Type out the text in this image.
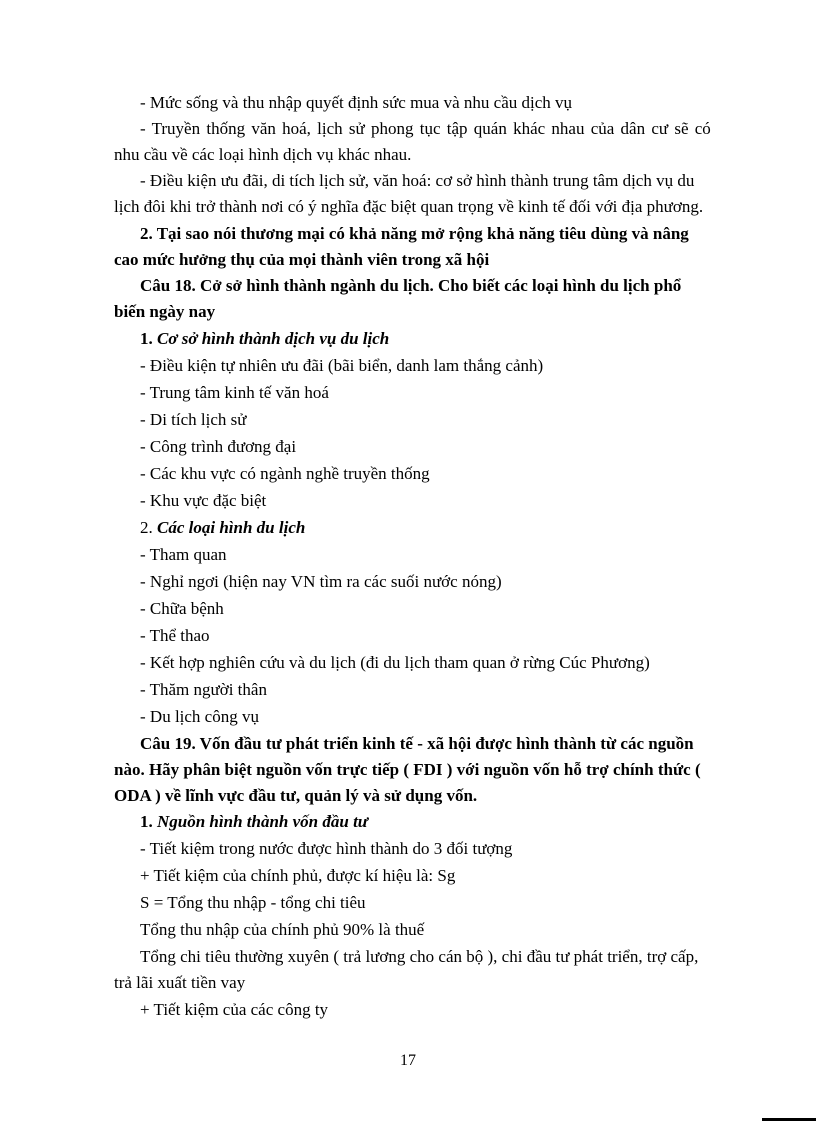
- Mức sống và thu nhập quyết định sức mua và nhu cầu dịch vụ
- Truyền thống văn hoá, lịch sử phong tục tập quán khác nhau của dân cư sẽ có
nhu cầu về các loại hình dịch vụ khác nhau.
- Điều kiện ưu đãi, di tích lịch sử, văn hoá: cơ sở hình thành trung tâm dịch vụ du
lịch đôi khi trở thành nơi có ý nghĩa đặc biệt quan trọng về kinh tế đối với địa phương.
2. Tại sao nói thương mại có khả năng mở rộng khả năng tiêu dùng và nâng
cao mức hưởng thụ của mọi thành viên trong xã hội
Câu 18. Cở sở hình thành ngành du lịch. Cho biết các loại hình du lịch phổ
biến ngày nay
1. Cơ sở hình thành dịch vụ du lịch
- Điều kiện tự nhiên ưu đãi (bãi biển, danh lam thắng cảnh)
- Trung tâm kinh tế văn hoá
- Di tích lịch sử
- Công trình đương đại
- Các khu vực có ngành nghề truyền thống
- Khu vực đặc biệt
2. Các loại hình du lịch
- Tham quan
- Nghỉ ngơi (hiện nay VN tìm ra các suối nước nóng)
- Chữa bệnh
- Thể thao
- Kết hợp nghiên cứu và du lịch (đi du lịch tham quan ở rừng Cúc Phương)
- Thăm người thân
- Du lịch công vụ
Câu 19. Vốn đầu tư phát triển kinh tế - xã hội được hình thành từ các nguồn
nào. Hãy phân biệt nguồn vốn trực tiếp ( FDI ) với nguồn vốn hỗ trợ chính thức (
ODA ) về lĩnh vực đầu tư, quản lý và sử dụng vốn.
1. Nguồn hình thành vốn đầu tư
- Tiết kiệm trong nước được hình thành do 3 đối tượng
+ Tiết kiệm của chính phủ, được kí hiệu là: Sg
S = Tổng thu nhập - tổng chi tiêu
Tổng thu nhập của chính phủ 90% là thuế
Tổng chi tiêu thường xuyên ( trả lương cho cán bộ ), chi đầu tư phát triển, trợ cấp,
trả lãi xuất tiền vay
+ Tiết kiệm của các công ty
17
